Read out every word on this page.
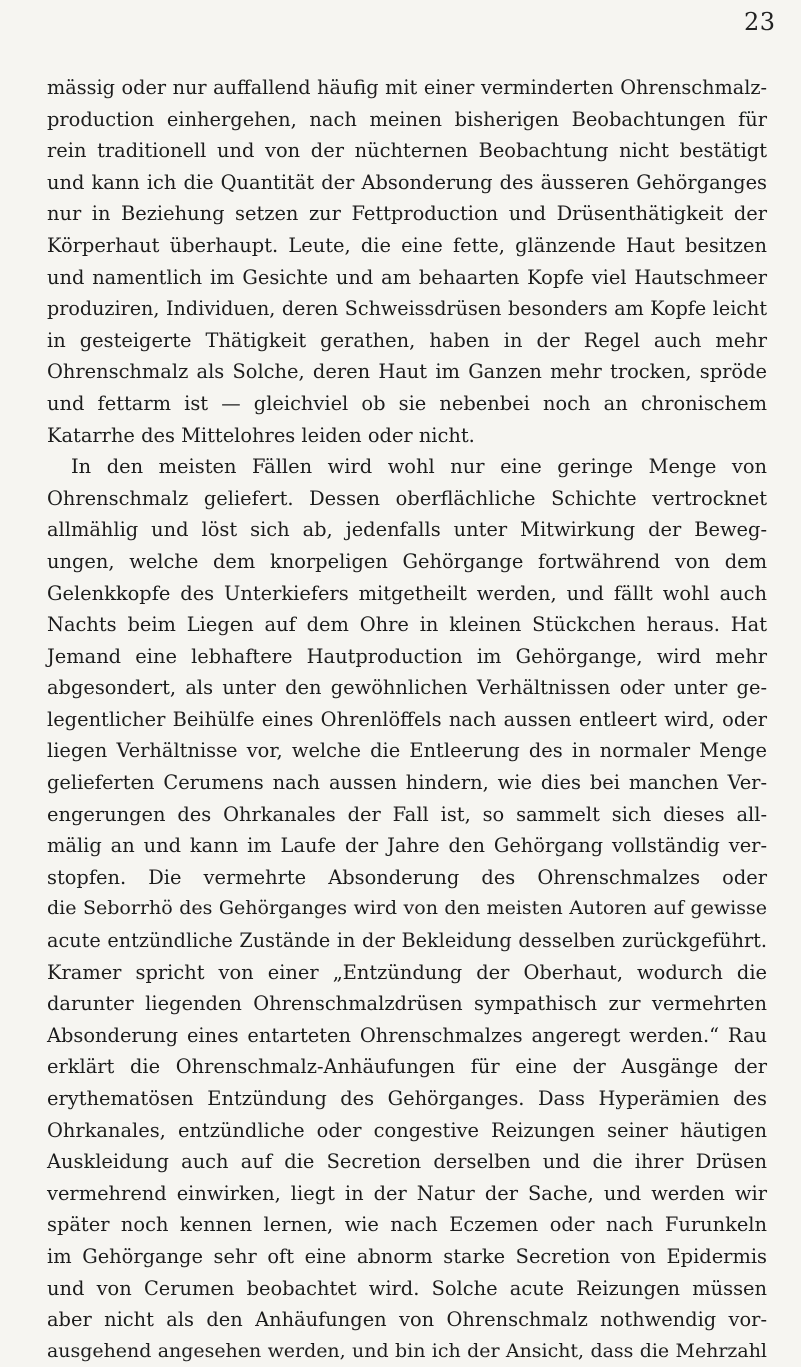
23
mässig oder nur auffallend häufig mit einer verminderten Ohrenschmalz-
production einhergehen, nach meinen bisherigen Beobachtungen für
rein traditionell und von der nüchternen Beobachtung nicht bestätigt
und kann ich die Quantität der Absonderung des äusseren Gehörganges
nur in Beziehung setzen zur Fettproduction und Drüsenthätigkeit der
Körperhaut überhaupt. Leute, die eine fette, glänzende Haut besitzen
und namentlich im Gesichte und am behaarten Kopfe viel Hautschmeer
produziren, Individuen, deren Schweissdrüsen besonders am Kopfe leicht
in gesteigerte Thätigkeit gerathen, haben in der Regel auch mehr
Ohrenschmalz als Solche, deren Haut im Ganzen mehr trocken, spröde
und fettarm ist — gleichviel ob sie nebenbei noch an chronischem
Katarrhe des Mittelohres leiden oder nicht.
In den meisten Fällen wird wohl nur eine geringe Menge von
Ohrenschmalz geliefert. Dessen oberflächliche Schichte vertrocknet
allmählig und löst sich ab, jedenfalls unter Mitwirkung der Beweg-
ungen, welche dem knorpeligen Gehörgange fortwährend von dem
Gelenkkopfe des Unterkiefers mitgetheilt werden, und fällt wohl auch
Nachts beim Liegen auf dem Ohre in kleinen Stückchen heraus. Hat
Jemand eine lebhaftere Hautproduction im Gehörgange, wird mehr
abgesondert, als unter den gewöhnlichen Verhältnissen oder unter ge-
legentlicher Beihülfe eines Ohrenlöffels nach aussen entleert wird, oder
liegen Verhältnisse vor, welche die Entleerung des in normaler Menge
gelieferten Cerumens nach aussen hindern, wie dies bei manchen Ver-
engerungen des Ohrkanales der Fall ist, so sammelt sich dieses all-
mälig an und kann im Laufe der Jahre den Gehörgang vollständig ver-
stopfen. Die vermehrte Absonderung des Ohrenschmalzes oder
die Seborrhö des Gehörganges wird von den meisten Autoren auf gewisse
acute entzündliche Zustände in der Bekleidung desselben zurückgeführt.
Kramer spricht von einer „Entzündung der Oberhaut, wodurch die
darunter liegenden Ohrenschmalzdrüsen sympathisch zur vermehrten
Absonderung eines entarteten Ohrenschmalzes angeregt werden.“ Rau
erklärt die Ohrenschmalz-Anhäufungen für eine der Ausgänge der
erythematösen Entzündung des Gehörganges. Dass Hyperämien des
Ohrkanales, entzündliche oder congestive Reizungen seiner häutigen
Auskleidung auch auf die Secretion derselben und die ihrer Drüsen
vermehrend einwirken, liegt in der Natur der Sache, und werden wir
später noch kennen lernen, wie nach Eczemen oder nach Furunkeln
im Gehörgange sehr oft eine abnorm starke Secretion von Epidermis
und von Cerumen beobachtet wird. Solche acute Reizungen müssen
aber nicht als den Anhäufungen von Ohrenschmalz nothwendig vor-
ausgehend angesehen werden, und bin ich der Ansicht, dass die Mehrzahl
